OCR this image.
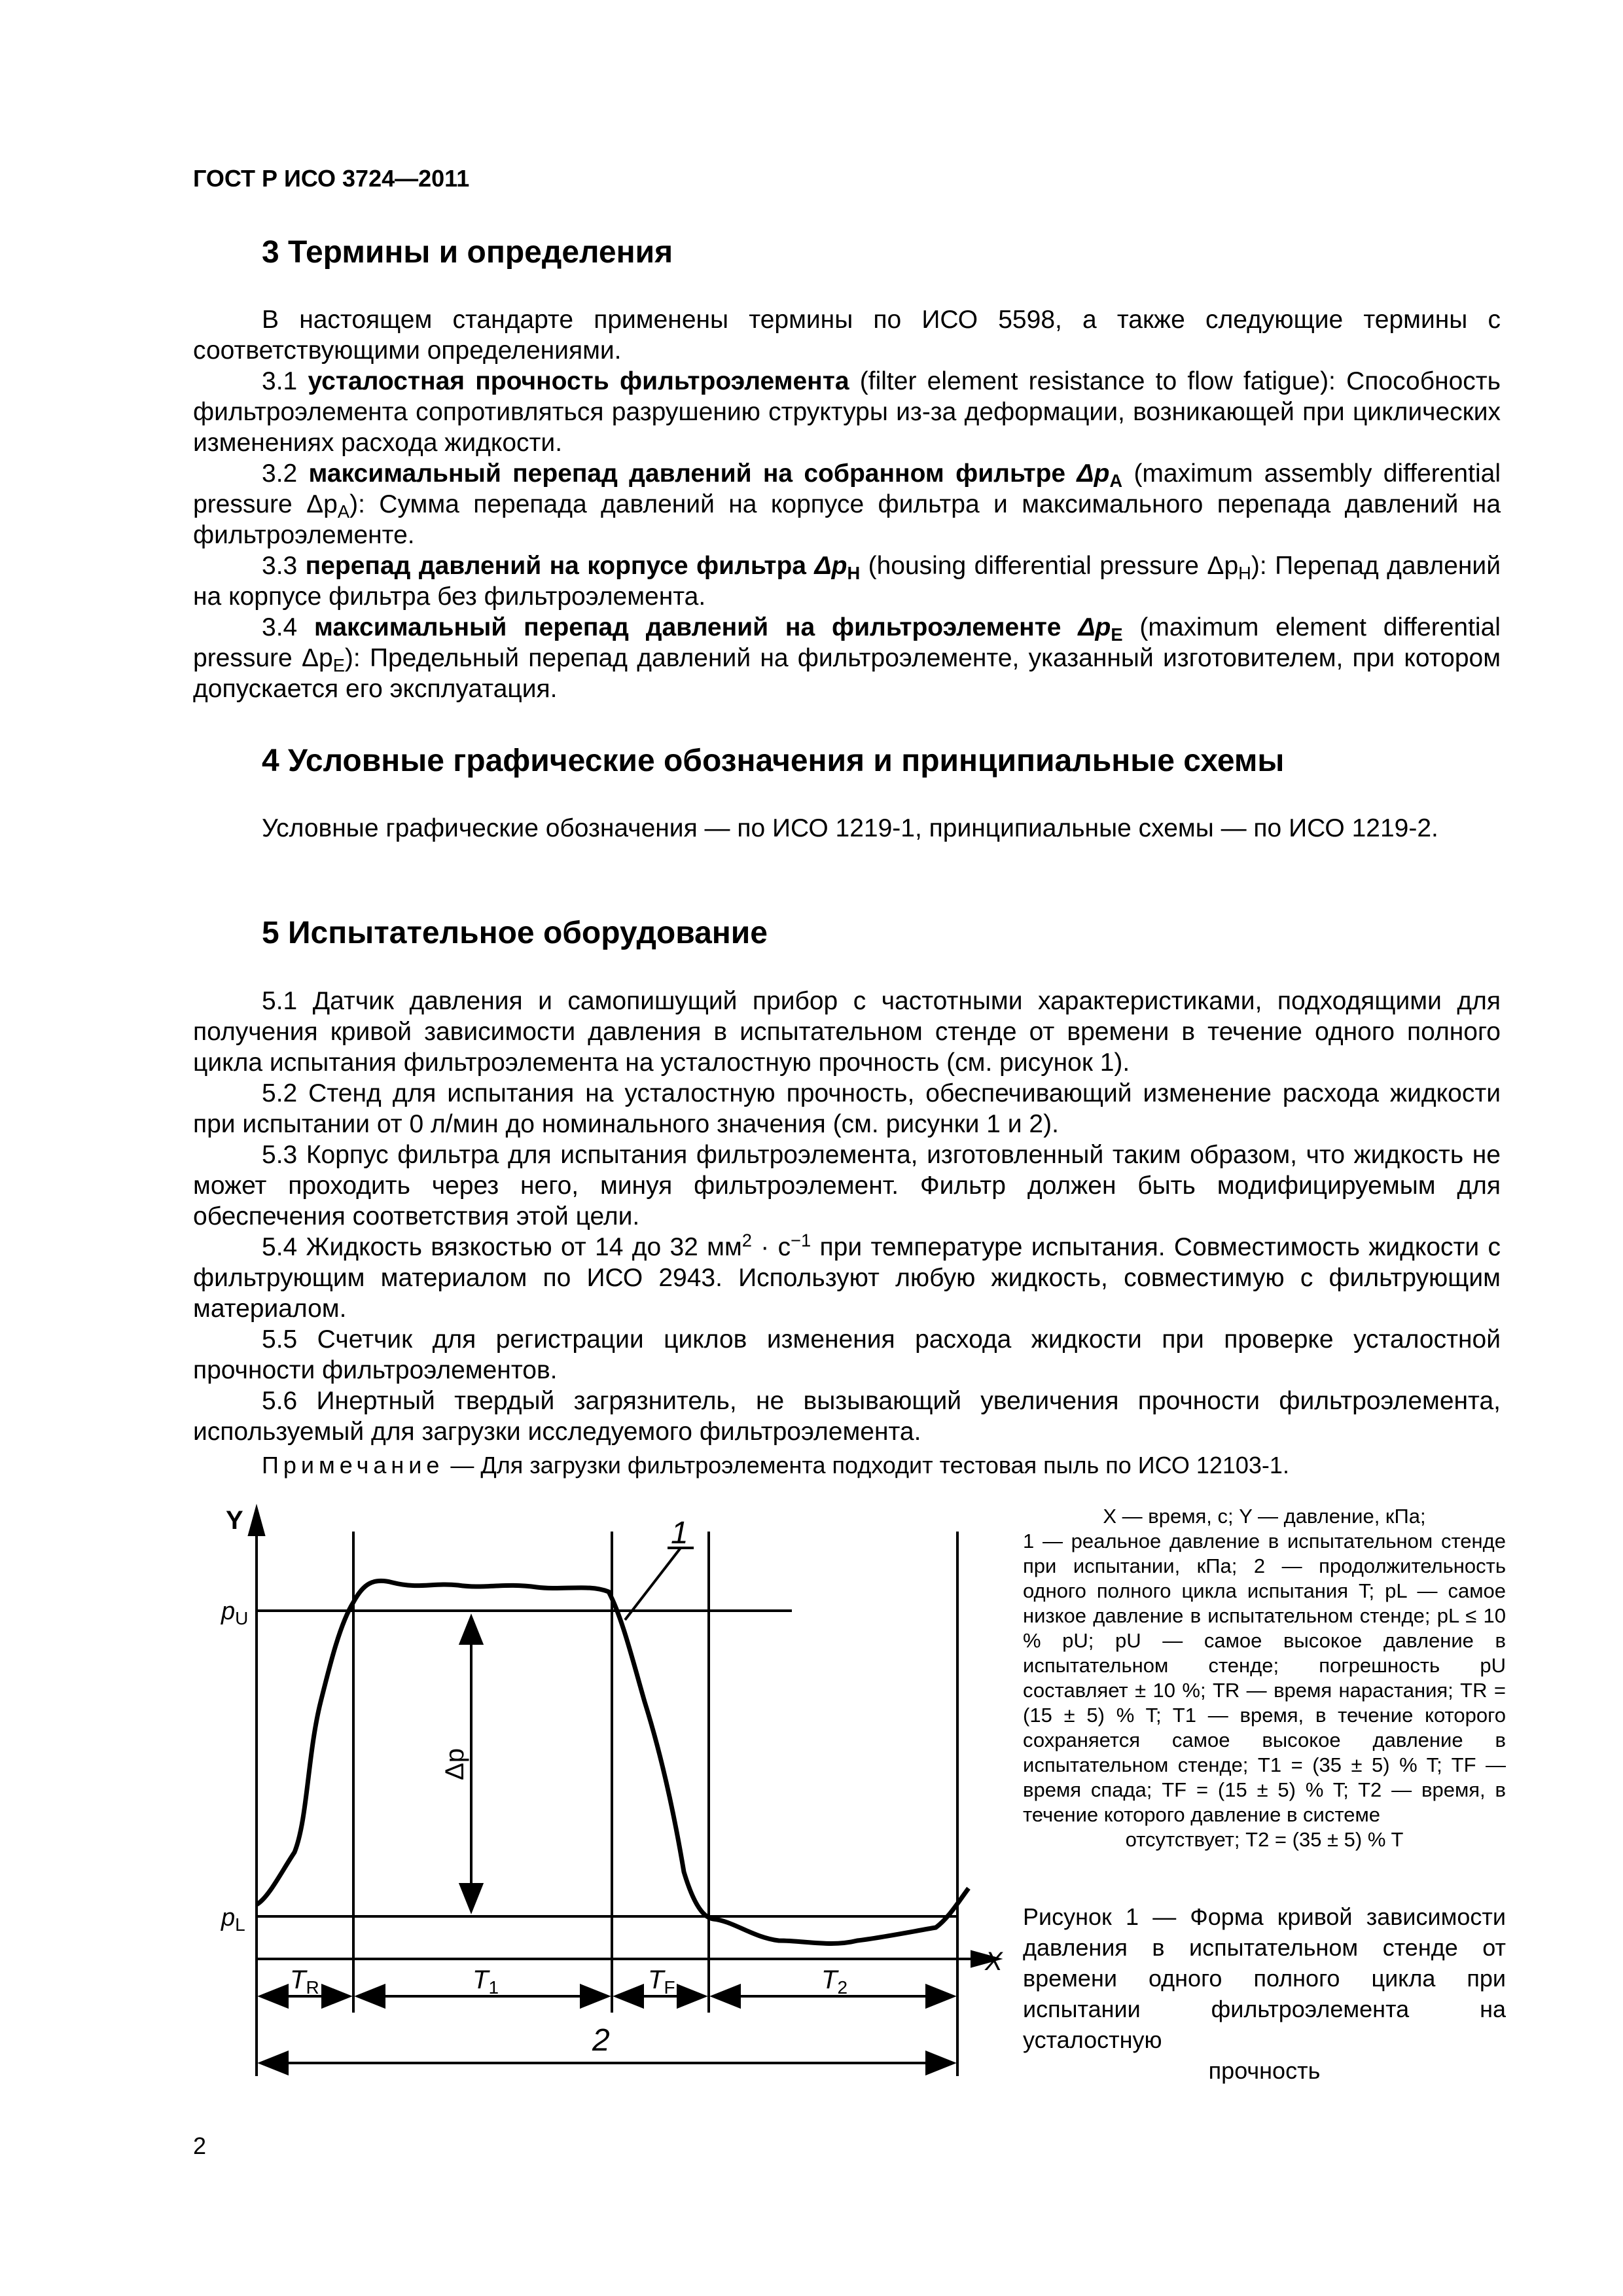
ГОСТ Р ИСО 3724—2011
3 Термины и определения

В настоящем стандарте применены термины по ИСО 5598, а также следующие термины с соответствующими определениями.

3.1 усталостная прочность фильтроэлемента (filter element resistance to flow fatigue): Способность фильтроэлемента сопротивляться разрушению структуры из-за деформации, возникающей при циклических изменениях расхода жидкости.

3.2 максимальный перепад давлений на собранном фильтре $\Delta p_A$ (maximum assembly differential pressure $\Delta p_A$): Сумма перепада давлений на корпусе фильтра и максимального перепада давлений на фильтроэлементе.

3.3 перепад давлений на корпусе фильтра $\Delta p_H$ (housing differential pressure $\Delta p_H$): Перепад давлений на корпусе фильтра без фильтроэлемента.

3.4 максимальный перепад давлений на фильтроэлементе $\Delta p_E$ (maximum element differential pressure $\Delta p_E$): Предельный перепад давлений на фильтроэлементе, указанный изготовителем, при котором допускается его эксплуатация.

4 Условные графические обозначения и принципиальные схемы

Условные графические обозначения — по ИСО 1219-1, принципиальные схемы — по ИСО 1219-2.

5 Испытательное оборудование

5.1 Датчик давления и самопишущий прибор с частотными характеристиками, подходящими для получения кривой зависимости давления в испытательном стенде от времени в течение одного полного цикла испытания фильтроэлемента на усталостную прочность (см. рисунок 1).

5.2 Стенд для испытания на усталостную прочность, обеспечивающий изменение расхода жидкости при испытании от 0 л/мин до номинального значения (см. рисунки 1 и 2).

5.3 Корпус фильтра для испытания фильтроэлемента, изготовленный таким образом, что жидкость не может проходить через него, минуя фильтроэлемент. Фильтр должен быть модифицируемым для обеспечения соответствия этой цели.

5.4 Жидкость вязкостью от 14 до 32 $мм^2 \cdot с^{-1}$ при температуре испытания. Совместимость жидкости с фильтрующим материалом по ИСО 2943. Используют любую жидкость, совместимую с фильтрующим материалом.

5.5 Счетчик для регистрации циклов изменения расхода жидкости при проверке усталостной прочности фильтроэлементов.

5.6 Инертный твердый загрязнитель, не вызывающий увеличения прочности фильтроэлемента, используемый для загрузки исследуемого фильтроэлемента.

Примечание — Для загрузки фильтроэлемента подходит тестовая пыль по ИСО 12103-1.
Y
X
$p_U$
$p_L$
Δp
1
2
$T_R$	$T_1$	$T_F$	$T_2$

X — время, с; Y — давление, кПа;

1 — реальное давление в испытательном стенде при испытании, кПа; 2 — продолжительность одного полного цикла испытания T; pL — самое низкое давление в испытательном стенде; pL ≤ 10 % pU; pU — самое высокое давление в испытательном стенде; погрешность pU составляет ± 10 %; TR — время нарастания; TR = (15 ± 5) % T; T1 — время, в течение которого сохраняется самое высокое давление в испытательном стенде; T1 = (35 ± 5) % T; TF — время спада; TF = (15 ± 5) % T; T2 — время, в течение которого давление в системе

отсутствует; T2 = (35 ± 5) % T

Рисунок 1 — Форма кривой зависимости давления в испытательном стенде от времени одного полного цикла при испытании фильтроэлемента на усталостную
прочность
2
